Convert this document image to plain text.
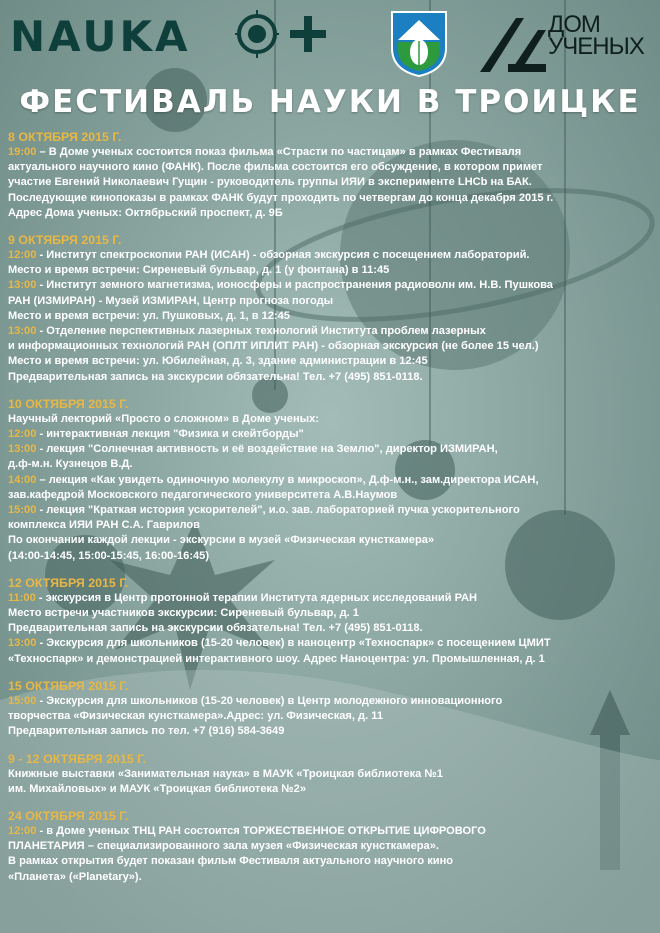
NAUKA	ДОМ
УЧЕНЫХ
ФЕСТИВАЛЬ НАУКИ В ТРОИЦКЕ
8 ОКТЯБРЯ 2015 Г.
19:00 – В Доме ученых состоится показ фильма «Страсти по частицам» в рамках Фестиваля
актуального научного кино (ФАНК). После фильма состоится его обсуждение, в котором примет
участие Евгений Николаевич Гущин - руководитель группы ИЯИ в эксперименте LHCb на БАК.
Последующие кинопоказы в рамках ФАНК будут проходить по четвергам до конца декабря 2015 г.
Адрес Дома ученых: Октябрьский проспект, д. 9Б
9 ОКТЯБРЯ 2015 Г.
12:00 - Институт спектроскопии РАН (ИСАН) - обзорная экскурсия с посещением лабораторий.
Место и время встречи: Сиреневый бульвар, д. 1 (у фонтана) в 11:45
13:00 - Институт земного магнетизма, ионосферы и распространения радиоволн им. Н.В. Пушкова
РАН (ИЗМИРАН) - Музей ИЗМИРАН, Центр прогноза погоды
Место и время встречи: ул. Пушковых, д. 1, в 12:45
13:00 - Отделение перспективных лазерных технологий Института проблем лазерных
и информационных технологий РАН (ОПЛТ ИПЛИТ РАН) - обзорная экскурсия (не более 15 чел.)
Место и время встречи: ул. Юбилейная, д. 3, здание администрации в 12:45
Предварительная запись на экскурсии обязательна! Тел. +7 (495) 851-0118.
10 ОКТЯБРЯ 2015 Г.
Научный лекторий «Просто о сложном» в Доме ученых:
12:00 - интерактивная лекция "Физика и скейтборды"
13:00 - лекция "Солнечная активность и её воздействие на Землю", директор ИЗМИРАН,
д.ф-м.н. Кузнецов В.Д.
14:00 – лекция «Как увидеть одиночную молекулу в микроскоп», Д.ф-м.н., зам.директора ИСАН,
зав.кафедрой Московского педагогического университета А.В.Наумов
15:00 - лекция "Краткая история ускорителей", и.о. зав. лабораторией пучка ускорительного
комплекса ИЯИ РАН С.А. Гаврилов
По окончании каждой лекции - экскурсии в музей «Физическая кунсткамера»
(14:00-14:45, 15:00-15:45, 16:00-16:45)
12 ОКТЯБРЯ 2015 Г.
11:00 - экскурсия в Центр протонной терапии Института ядерных исследований РАН
Место встречи участников экскурсии: Сиреневый бульвар, д. 1
Предварительная запись на экскурсии обязательна! Тел. +7 (495) 851-0118.
13:00 - Экскурсия для школьников (15-20 человек) в наноцентр «Техноспарк» с посещением ЦМИТ
«Техноспарк» и демонстрацией интерактивного шоу. Адрес Наноцентра: ул. Промышленная, д. 1
15 ОКТЯБРЯ 2015 Г.
15:00 - Экскурсия для школьников (15-20 человек) в Центр молодежного инновационного
творчества «Физическая кунсткамера».Адрес: ул. Физическая, д. 11
Предварительная запись по тел. +7 (916) 584-3649
9 - 12 ОКТЯБРЯ 2015 Г.
Книжные выставки «Занимательная наука» в МАУК «Троицкая библиотека №1
им. Михайловых» и МАУК «Троицкая библиотека №2»
24 ОКТЯБРЯ 2015 Г.
12:00 - в Доме ученых ТНЦ РАН состоится ТОРЖЕСТВЕННОЕ ОТКРЫТИЕ ЦИФРОВОГО
ПЛАНЕТАРИЯ – специализированного зала музея «Физическая кунсткамера».
В рамках открытия будет показан фильм Фестиваля актуального научного кино
«Планета» («Planetary»).
